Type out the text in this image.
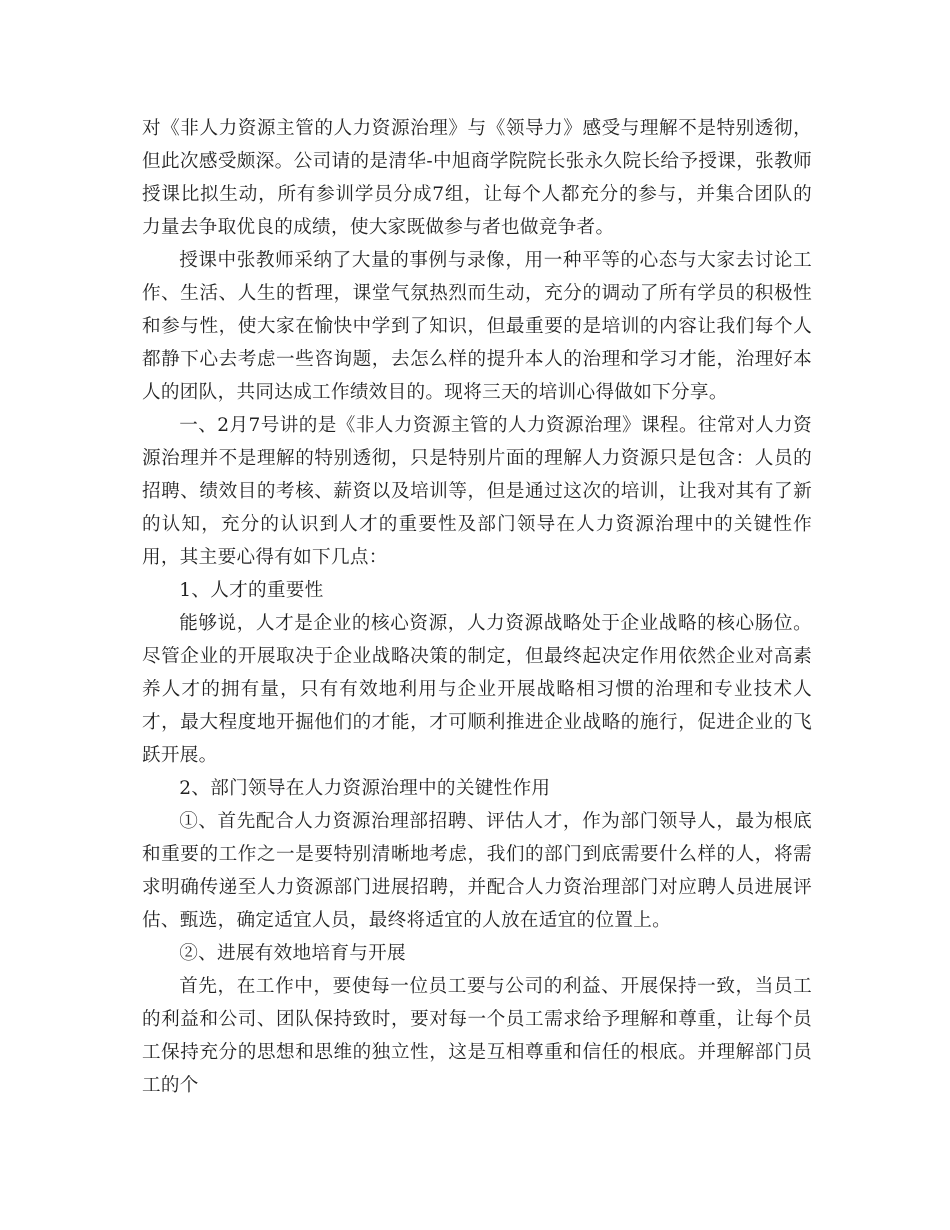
对《非人力资源主管的人力资源治理》与《领导力》感受与理解不是特别透彻，但此次感受颇深。公司请的是清华-中旭商学院院长张永久院长给予授课，张教师授课比拟生动，所有参训学员分成7组，让每个人都充分的参与，并集合团队的力量去争取优良的成绩，使大家既做参与者也做竞争者。

授课中张教师采纳了大量的事例与录像，用一种平等的心态与大家去讨论工作、生活、人生的哲理，课堂气氛热烈而生动，充分的调动了所有学员的积极性和参与性，使大家在愉快中学到了知识，但最重要的是培训的内容让我们每个人都静下心去考虑一些咨询题，去怎么样的提升本人的治理和学习才能，治理好本人的团队，共同达成工作绩效目的。现将三天的培训心得做如下分享。

一、2月7号讲的是《非人力资源主管的人力资源治理》课程。往常对人力资源治理并不是理解的特别透彻，只是特别片面的理解人力资源只是包含：人员的招聘、绩效目的考核、薪资以及培训等，但是通过这次的培训，让我对其有了新的认知，充分的认识到人才的重要性及部门领导在人力资源治理中的关键性作用，其主要心得有如下几点：

1、人才的重要性

能够说，人才是企业的核心资源，人力资源战略处于企业战略的核心肠位。尽管企业的开展取决于企业战略决策的制定，但最终起决定作用依然企业对高素养人才的拥有量，只有有效地利用与企业开展战略相习惯的治理和专业技术人才，最大程度地开掘他们的才能，才可顺利推进企业战略的施行，促进企业的飞跃开展。

2、部门领导在人力资源治理中的关键性作用

①、首先配合人力资源治理部招聘、评估人才，作为部门领导人，最为根底和重要的工作之一是要特别清晰地考虑，我们的部门到底需要什么样的人，将需求明确传递至人力资源部门进展招聘，并配合人力资治理部门对应聘人员进展评估、甄选，确定适宜人员，最终将适宜的人放在适宜的位置上。

②、进展有效地培育与开展

首先，在工作中，要使每一位员工要与公司的利益、开展保持一致，当员工的利益和公司、团队保持致时，要对每一个员工需求给予理解和尊重，让每个员工保持充分的思想和思维的独立性，这是互相尊重和信任的根底。并理解部门员工的个
